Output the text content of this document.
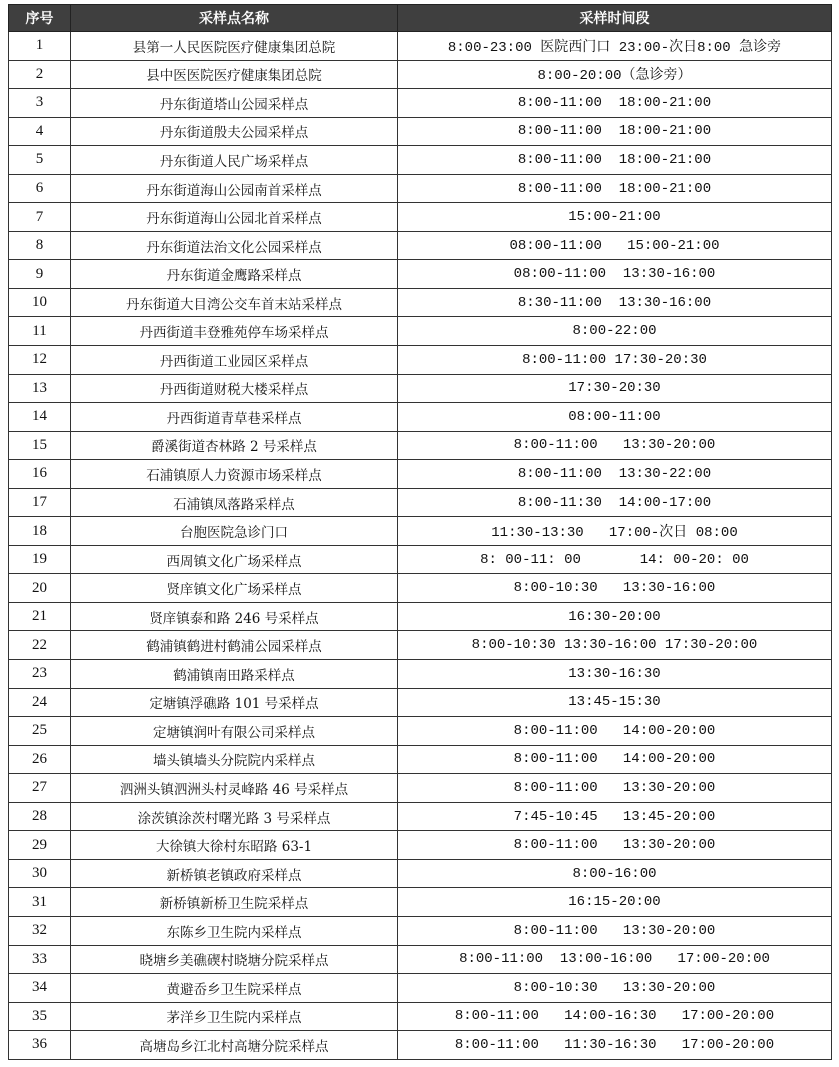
序号	采样点名称	采样时间段
1	县第一人民医院医疗健康集团总院	8:00-23:00 医院西门口 23:00-次日8:00 急诊旁
2	县中医医院医疗健康集团总院	8:00-20:00（急诊旁）
3	丹东街道塔山公园采样点	8:00-11:00  18:00-21:00
4	丹东街道殷夫公园采样点	8:00-11:00  18:00-21:00
5	丹东街道人民广场采样点	8:00-11:00  18:00-21:00
6	丹东街道海山公园南首采样点	8:00-11:00  18:00-21:00
7	丹东街道海山公园北首采样点	15:00-21:00
8	丹东街道法治文化公园采样点	08:00-11:00   15:00-21:00
9	丹东街道金鹰路采样点	08:00-11:00  13:30-16:00
10	丹东街道大目湾公交车首末站采样点	8:30-11:00  13:30-16:00
11	丹西街道丰登雅苑停车场采样点	8:00-22:00
12	丹西街道工业园区采样点	8:00-11:00 17:30-20:30
13	丹西街道财税大楼采样点	17:30-20:30
14	丹西街道青草巷采样点	08:00-11:00
15	爵溪街道杏林路 2 号采样点	8:00-11:00   13:30-20:00
16	石浦镇原人力资源市场采样点	8:00-11:00  13:30-22:00
17	石浦镇凤落路采样点	8:00-11:30  14:00-17:00
18	台胞医院急诊门口	11:30-13:30   17:00-次日 08:00
19	西周镇文化广场采样点	8: 00-11: 00       14: 00-20: 00
20	贤庠镇文化广场采样点	8:00-10:30   13:30-16:00
21	贤庠镇泰和路 246 号采样点	16:30-20:00
22	鹤浦镇鹤进村鹤浦公园采样点	8:00-10:30 13:30-16:00 17:30-20:00
23	鹤浦镇南田路采样点	13:30-16:30
24	定塘镇浮礁路 101 号采样点	13:45-15:30
25	定塘镇润叶有限公司采样点	8:00-11:00   14:00-20:00
26	墙头镇墙头分院院内采样点	8:00-11:00   14:00-20:00
27	泗洲头镇泗洲头村灵峰路 46 号采样点	8:00-11:00   13:30-20:00
28	涂茨镇涂茨村曙光路 3 号采样点	7:45-10:45   13:45-20:00
29	大徐镇大徐村东昭路 63-1	8:00-11:00   13:30-20:00
30	新桥镇老镇政府采样点	8:00-16:00
31	新桥镇新桥卫生院采样点	16:15-20:00
32	东陈乡卫生院内采样点	8:00-11:00   13:30-20:00
33	晓塘乡美礁碶村晓塘分院采样点	8:00-11:00  13:00-16:00   17:00-20:00
34	黄避岙乡卫生院采样点	8:00-10:30   13:30-20:00
35	茅洋乡卫生院内采样点	8:00-11:00   14:00-16:30   17:00-20:00
36	高塘岛乡江北村高塘分院采样点	8:00-11:00   11:30-16:30   17:00-20:00
